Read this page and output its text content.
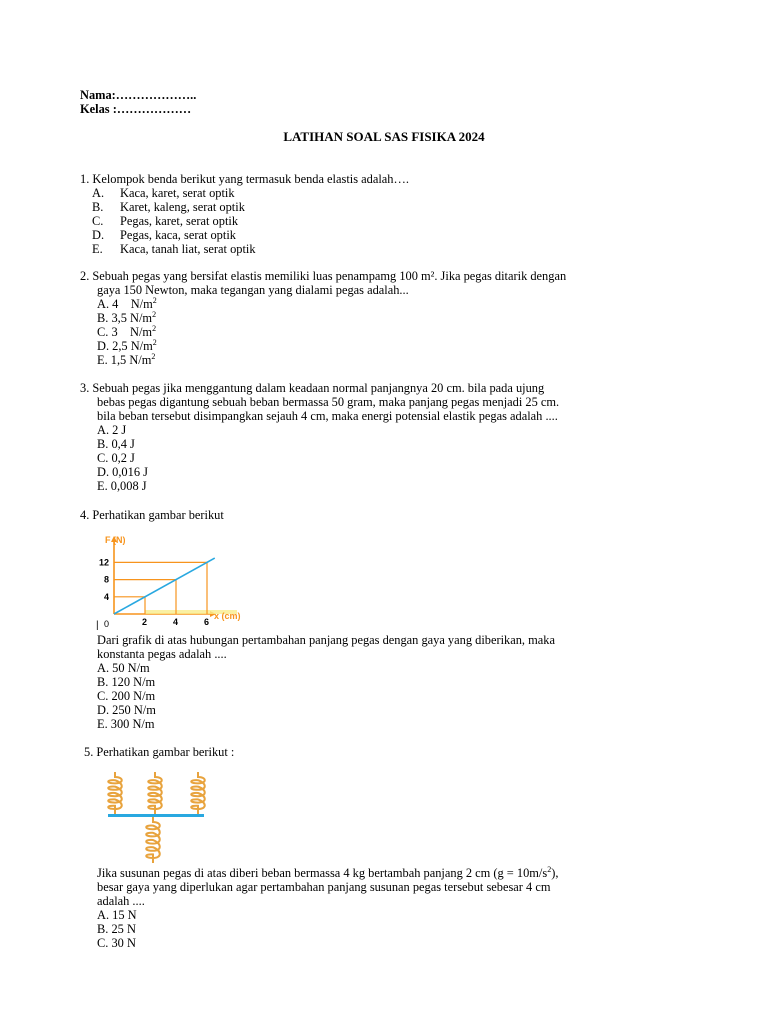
Nama:………………..
Kelas :………………
LATIHAN SOAL SAS FISIKA 2024
1. Kelompok benda berikut yang termasuk benda elastis adalah….
A. Kaca, karet, serat optik
B. Karet, kaleng, serat optik
C. Pegas, karet, serat optik
D. Pegas, kaca, serat optik
E. Kaca, tanah liat, serat optik
2. Sebuah pegas yang bersifat elastis memiliki luas penampamg 100 m². Jika pegas ditarik dengan
gaya 150 Newton, maka tegangan yang dialami pegas adalah...
A. 4    $N/m^2$
B. 3,5 $N/m^2$
C. 3    $N/m^2$
D. 2,5 $N/m^2$
E. 1,5 $N/m^2$
3. Sebuah pegas jika menggantung dalam keadaan normal panjangnya 20 cm. bila pada ujung
bebas pegas digantung sebuah beban bermassa 50 gram, maka panjang pegas menjadi 25 cm.
bila beban tersebut disimpangkan sejauh 4 cm, maka energi potensial elastik pegas adalah ....
A. 2 J
B. 0,4 J
C. 0,2 J
D. 0,016 J
E. 0,008 J
4. Perhatikan gambar berikut
2	4	6
4
8
12
| 0
F (N)
x (cm)
Dari grafik di atas hubungan pertambahan panjang pegas dengan gaya yang diberikan, maka
konstanta pegas adalah ....
A. 50 N/m
B. 120 N/m
C. 200 N/m
D. 250 N/m
E. 300 N/m
5. Perhatikan gambar berikut :
Jika susunan pegas di atas diberi beban bermassa 4 kg bertambah panjang 2 cm $(g = 10m/s^2)$,
besar gaya yang diperlukan agar pertambahan panjang susunan pegas tersebut sebesar 4 cm
adalah ....
A. 15 N
B. 25 N
C. 30 N
